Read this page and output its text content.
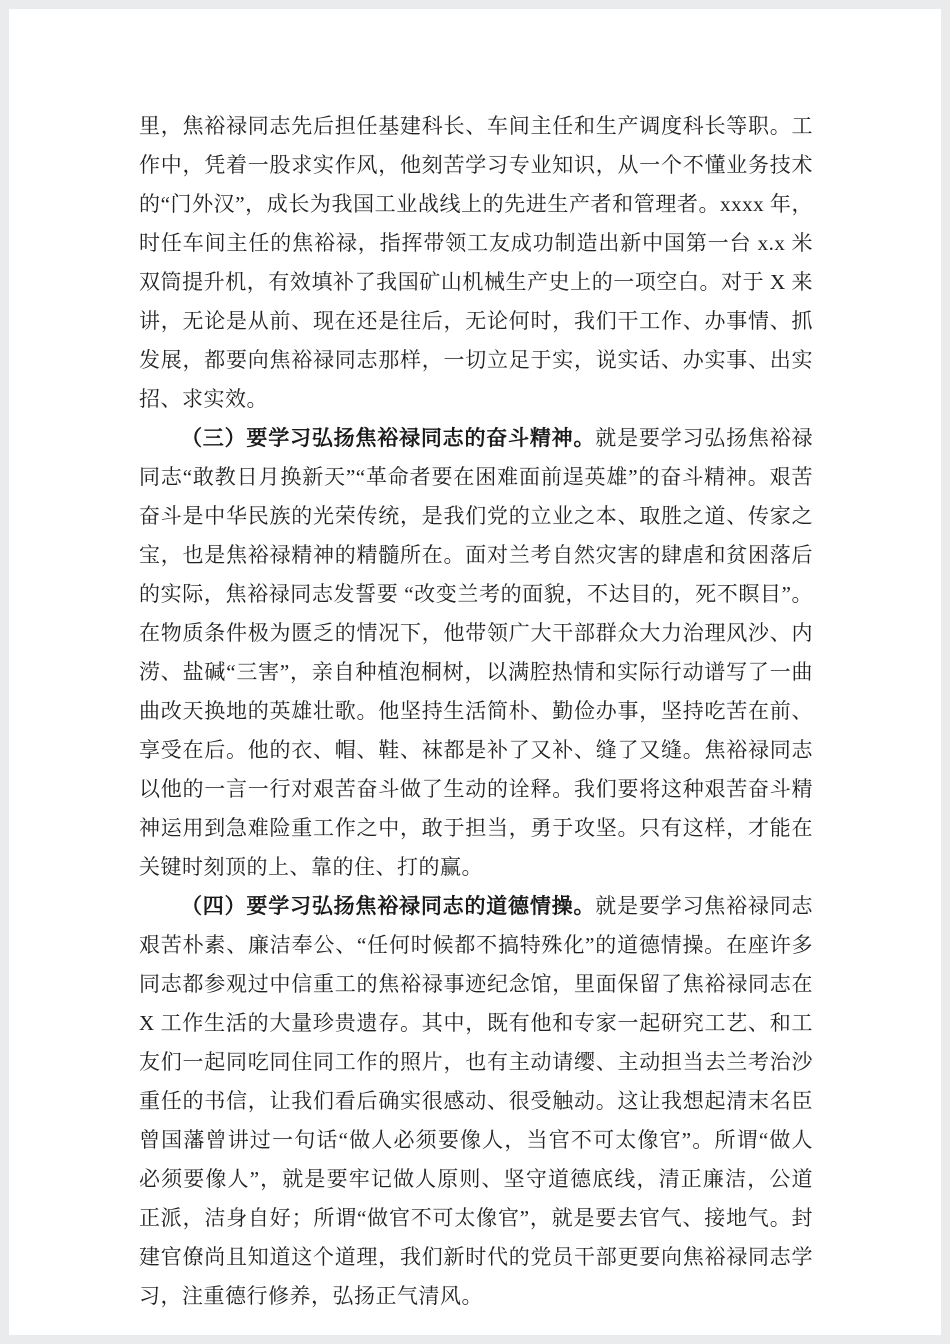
里，焦裕禄同志先后担任基建科长、车间主任和生产调度科长等职。工作中，凭着一股求实作风，他刻苦学习专业知识，从一个不懂业务技术的“门外汉”，成长为我国工业战线上的先进生产者和管理者。xxxx 年，时任车间主任的焦裕禄，指挥带领工友成功制造出新中国第一台 x.x 米双筒提升机，有效填补了我国矿山机械生产史上的一项空白。对于 X 来讲，无论是从前、现在还是往后，无论何时，我们干工作、办事情、抓发展，都要向焦裕禄同志那样，一切立足于实，说实话、办实事、出实招、求实效。

（三）要学习弘扬焦裕禄同志的奋斗精神。就是要学习弘扬焦裕禄同志“敢教日月换新天”“革命者要在困难面前逞英雄”的奋斗精神。艰苦奋斗是中华民族的光荣传统，是我们党的立业之本、取胜之道、传家之宝，也是焦裕禄精神的精髓所在。面对兰考自然灾害的肆虐和贫困落后的实际，焦裕禄同志发誓要 “改变兰考的面貌，不达目的，死不瞑目”。在物质条件极为匮乏的情况下，他带领广大干部群众大力治理风沙、内涝、盐碱“三害”，亲自种植泡桐树，以满腔热情和实际行动谱写了一曲曲改天换地的英雄壮歌。他坚持生活简朴、勤俭办事，坚持吃苦在前、享受在后。他的衣、帽、鞋、袜都是补了又补、缝了又缝。焦裕禄同志以他的一言一行对艰苦奋斗做了生动的诠释。我们要将这种艰苦奋斗精神运用到急难险重工作之中，敢于担当，勇于攻坚。只有这样，才能在关键时刻顶的上、靠的住、打的赢。

（四）要学习弘扬焦裕禄同志的道德情操。就是要学习焦裕禄同志艰苦朴素、廉洁奉公、“任何时候都不搞特殊化”的道德情操。在座许多同志都参观过中信重工的焦裕禄事迹纪念馆，里面保留了焦裕禄同志在 X 工作生活的大量珍贵遗存。其中，既有他和专家一起研究工艺、和工友们一起同吃同住同工作的照片，也有主动请缨、主动担当去兰考治沙重任的书信，让我们看后确实很感动、很受触动。这让我想起清末名臣曾国藩曾讲过一句话“做人必须要像人，当官不可太像官”。所谓“做人必须要像人”，就是要牢记做人原则、坚守道德底线，清正廉洁，公道正派，洁身自好；所谓“做官不可太像官”，就是要去官气、接地气。封建官僚尚且知道这个道理，我们新时代的党员干部更要向焦裕禄同志学习，注重德行修养，弘扬正气清风。
